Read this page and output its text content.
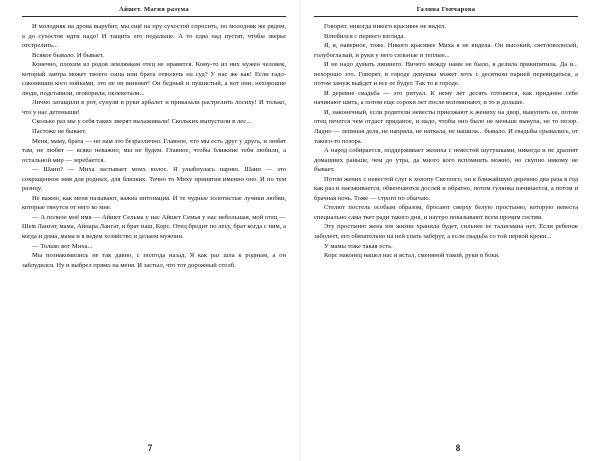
Айшет. Магия разума

И молодняк на дрова вырубит, мы ещё на пру сухостой спросить, но молодняк же рядом, а до сухостоя идти надо! И тащить его подальше. А то едва над пустят, чтобы зверье отстрелить...

Всякое бывало. И бывает.

Конечно, плохим из родов землянкам отец не нравится. Кому-то из них нужен человек, который завтра может твоего сына или брата отволочь на суд? У нас же как! Если гадо-сакоившии кого нойками, это не он виноват! Он бедный и пушистый, а вот они, нехорошие люди, подставили, оговорили, оклеветали...

Лично затащили в рот, сунули в руки арбалет и приказали растрелить лосиху! И только, что у нас детеныши!

Сколько раз мы у себя таких зверят выхаживали! Скольких выпустили в лес...

Пастоже не бывает.

Меня, маму, брата — но нам это безразлично. Главное, что мы есть друг у друга, и любят там, не любят — всяко неважно, мы не будем. Главное, чтобы ближние тебя любили, а остальной мир — зеребается.

— Шаин? — Миха застывает моих волос. Я улыбнулась парню. Шаин — это сокращенное имя для родных, для близких. Точно то Миху принятия именно оно. И по тем разнцу.

Не важно, как меня называют, важна интонация. И те чудные золотистые лучики любви, которые тянутся от него ко мне.

— А полное моё имя — Айшет Сельма у нас Айшет Семья у нас небольшая, мой отец — Шем Лангат, мама, Айнара Лангат, и брат наш, Корс. Отец бродит по лесу, брат когда с ним, а когда и дома, мама и я ведем хозяйство и делаем мужчин.

— Только вот Миха...

Мы познакомились не так давно, с полгода назад. Я как раз шла к родным, а он заблудился. Ну и выбрел прямо на меня. И застыл, что тот дорожный столб.

7
Галина Гончарова

Говорит, никогда никого красивее не видел.

Влюбился с первого взгляда.

Я, я, наверное, тоже. Никого красивее Миха я не видела. Он высокий, светловолосый, голубоглазый, и руки у него сильные и теплые...

И не надо думать лишнего. Ничего между нами не было, я делила прикипятила. Да и... нехорошо это. Говорят, в городе девушка может хоть с десятком парней перевидаться, а потом замуж выйдет и все ее будут. Так то в городе.

И деревне свадьба — это ритуал. К нему лет десять готовятся, как приданое себе начинают шить, а потом еще сороки лет после вспоминают, и то и дольше.

И, наконечный, если родители невесты приезжают к жениху на двор, выкупить ее, потом отец печется чем отдаст приданое, и надо, чтобы оно было не меньше выкупа, не то позор. Ладно — лепиная дела, не напряла, не наткала, не нашила... бывало. И свадьбы срывались, от такого-то позора.

А народ собирается, поддерживает жениха с невестой шутушками, никогда и не дразнят домашних раньше, чем до утра, да много кого вспомнить можно, но скупно никому не бывает.

Потом жених с невестой слуг к холопу Светлого, он в ближайшую деревню два раза в год как раз и наезживается, обвенчаются дослей и обратно, потом гулянка начинается, а потом и брачная ночь. Тоже — строго по обычаю.

Стелют постель особым образом, бросают сверху белую простыню, которую невеста специально сама ткет ради такого дня, и наутро показывают всем прочим гостям.

Эту простыню жена юв жизни хранила будет, сильнее ее талисмана нет. Если ребенок заболеет, его обязательно на ней спать заберут, а если свадьба со той первой крови...

У мамы тоже такая есть.

Корс наконец нашел нас и встал, сменяной такой, руки в боки.

8
